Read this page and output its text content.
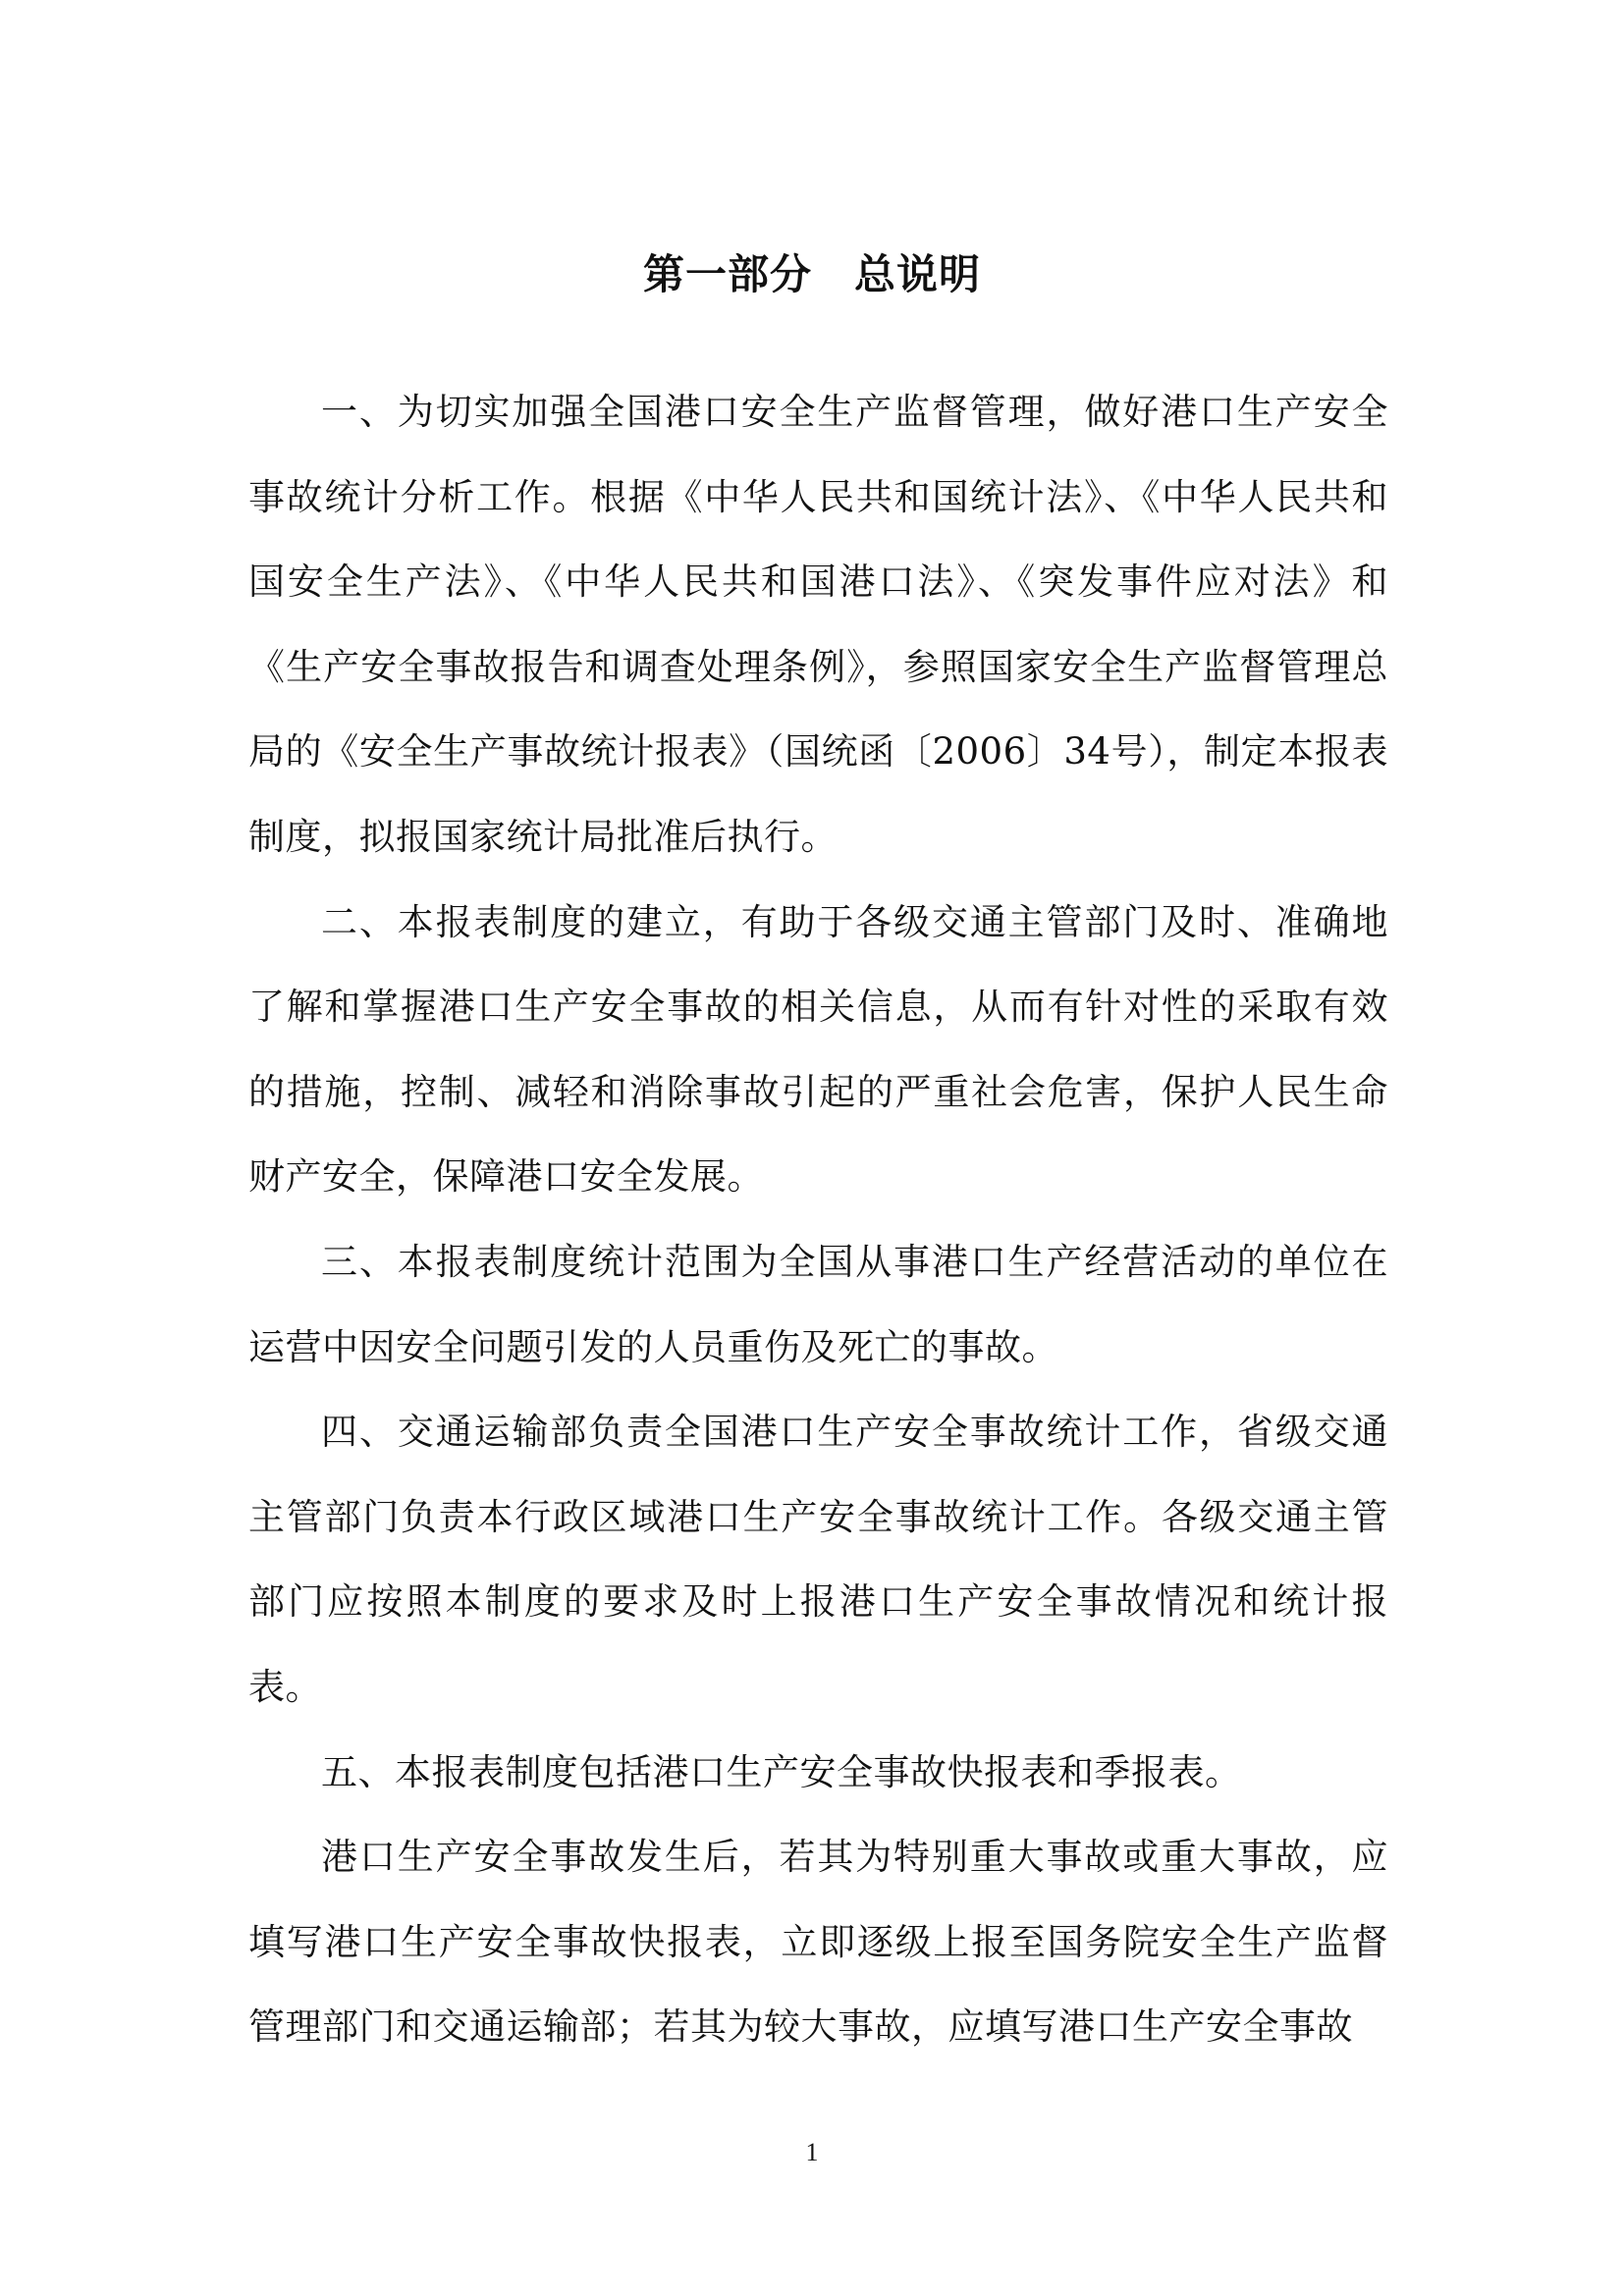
第一部分　总说明

一、为切实加强全国港口安全生产监督管理，做好港口生产安全事故统计分析工作。根据《中华人民共和国统计法》、《中华人民共和国安全生产法》、《中华人民共和国港口法》、《突发事件应对法》和《生产安全事故报告和调查处理条例》，参照国家安全生产监督管理总局的《安全生产事故统计报表》（国统函〔2006〕34号），制定本报表制度，拟报国家统计局批准后执行。

二、本报表制度的建立，有助于各级交通主管部门及时、准确地了解和掌握港口生产安全事故的相关信息，从而有针对性的采取有效的措施，控制、减轻和消除事故引起的严重社会危害，保护人民生命财产安全，保障港口安全发展。

三、本报表制度统计范围为全国从事港口生产经营活动的单位在运营中因安全问题引发的人员重伤及死亡的事故。

四、交通运输部负责全国港口生产安全事故统计工作，省级交通主管部门负责本行政区域港口生产安全事故统计工作。各级交通主管部门应按照本制度的要求及时上报港口生产安全事故情况和统计报表。

五、本报表制度包括港口生产安全事故快报表和季报表。

港口生产安全事故发生后，若其为特别重大事故或重大事故，应填写港口生产安全事故快报表，立即逐级上报至国务院安全生产监督管理部门和交通运输部；若其为较大事故，应填写港口生产安全事故

1
